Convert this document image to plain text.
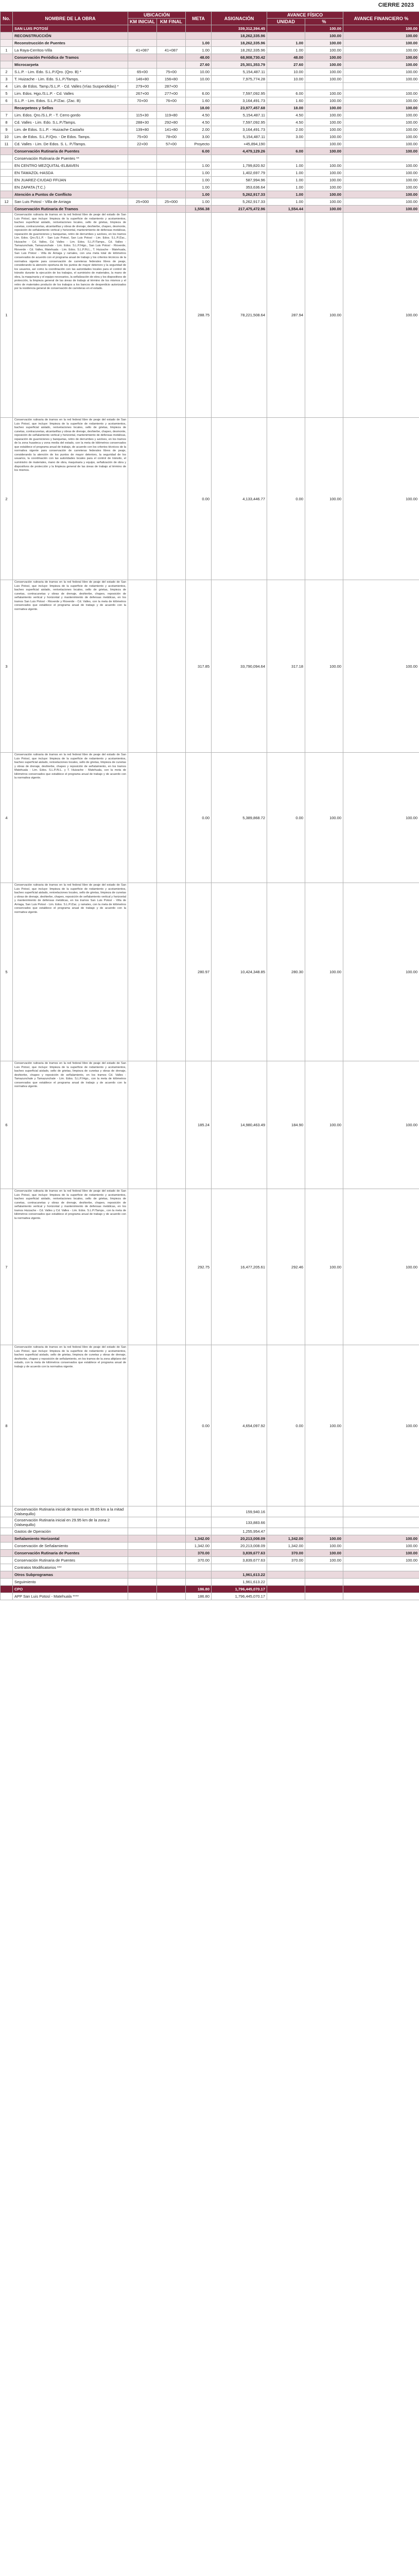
CIERRE 2023
No.	NOMBRE DE LA OBRA	UBICACIÓN		META	ASIGNACIÓN	AVANCE FÍSICO		AVANCE FINANCIERO %
		KM INICIAL	KM FINAL			UNIDAD	%	
	SAN LUIS POTOSÍ				339,312,394.45		100.00	100.00
	RECONSTRUCCIÓN				18,262,335.96		100.00	100.00
	Reconstrucción de Puentes			1.00	18,262,335.96	1.00	100.00	100.00
1	La Raya-Cerritos-Villa	41+087	41+087	1.00	18,262,335.96	1.00	100.00	100.00
	Conservación Periódica de Tramos			48.00	68,908,730.42	48.00	100.00	100.00
	Microcarpeta			27.60	25,301,353.79	27.60	100.00	100.00
2	S.L.P. - Lim. Edo. S.L.P./Qro. (Qro. B) *	65+00	75+00	10.00	5,154,487.11	10.00	100.00	100.00
3	T. Huizache - Lim. Edo. S.L.P./Tamps.	146+80	156+80	10.00	7,975,774.28	10.00	100.00	100.00
4	Lim. de Edos. Tamp./S.L.P. - Cd. Valles (Vías Suspendidas) *	279+00	287+00					
5	Lim. Edos. Hgo./S.L.P. - Cd. Valles	267+00	277+00	6.00	7,597,092.95	6.00	100.00	100.00
6	S.L.P. - Lim. Edos. S.L.P./Zac. (Zac. B)	70+00	76+00	1.60	3,164,491.73	1.60	100.00	100.00
	Recarpeteos y Sellos			18.00	23,977,457.68	18.00	100.00	100.00
7	Lim. Edos. Qro./S.L.P. - T. Cerro gordo	115+30	119+80	4.50	5,154,487.11	4.50	100.00	100.00
8	Cd. Valles - Lim. Edo. S.L.P./Tamps.	288+30	292+80	4.50	7,597,092.95	4.50	100.00	100.00
9	Lim. de Edos. S.L.P. - Huizache Castaño	139+80	141+80	2.00	3,164,491.73	2.00	100.00	100.00
10	Lim. de Edos. S.L.P./Qro. - De Edos. Tamps.	75+00	78+00	3.00	5,154,487.11	3.00	100.00	100.00
11	Cd. Valles - Lim. De Edos. S. L. P./Tamps.	22+00	57+00	Proyecto	+45,894,190		100.00	100.00
	Conservación Rutinaria de Puentes			6.00	4,479,129.26	6.00	100.00	100.00
	Conservación Rutinaria de Puentes **							
	EN CENTRO MEZQUITAL-ELBAVEN			1.00	1,799,820.92	1.00	100.00	100.00
	EN TAMAZOL-HASDA			1.00	1,402,697.79	1.00	100.00	100.00
	EN JUAREZ-CIUDAD FFIJAN			1.00	587,994.96	1.00	100.00	100.00
	EN ZAPATA (T.C.)			1.00	353,636.64	1.00	100.00	100.00
	Atención a Puntos de Conflicto			1.00	5,262,917.33	1.00	100.00	100.00
12	San Luis Potosí - Villa de Arriaga	25+000	25+000	1.00	5,262,917.33	1.00	100.00	100.00
	Conservación Rutinaria de Tramos			1,556.38	217,475,472.96	1,554.44	100.00	100.00
1	Conservación rutinaria de tramos en la red federal libre de peaje del estado de San Luis Potosí, que incluye: limpieza de la superficie de rodamiento y acotamientos, bacheo superficial aislado, renivelaciones locales, sello de grietas, limpieza de cunetas, contracunetas, alcantarillas y obras de drenaje, deshierbe, chapeo, desmonte, reposición de señalamiento vertical y horizontal, mantenimiento de defensas metálicas, reparación de guarniciones y banquetas, retiro de derrumbes y azolves, en los tramos Lim. Edos. Qro./S.L.P. - San Luis Potosí, San Luis Potosí - Lim. Edos. S.L.P./Zac., Huizache - Cd. Valles, Cd. Valles - Lim. Edos. S.L.P./Tamps., Cd. Valles - Tamazunchale, Tamazunchale - Lim. Edos. S.L.P./Hgo., San Luis Potosí - Rioverde, Rioverde - Cd. Valles, Matehuala - Lim. Edos. S.L.P./N.L., T. Huizache - Matehuala, San Luis Potosí - Villa de Arriaga y ramales, con una meta total de kilómetros conservados de acuerdo con el programa anual de trabajo y los criterios técnicos de la normativa vigente para conservación de carreteras federales libres de peaje, considerando la atención oportuna de los puntos de mayor deterioro y la seguridad de los usuarios, así como la coordinación con las autoridades locales para el control de tránsito durante la ejecución de los trabajos, el suministro de materiales, la mano de obra, la maquinaria y el equipo necesarios, la señalización de obra y los dispositivos de protección, la limpieza general de las áreas de trabajo al término de los mismos y el retiro de materiales producto de los trabajos a los bancos de desperdicio autorizados por la residencia general de conservación de carreteras en el estado.			288.75	78,221,508.64	287.94	100.00	100.00
2	Conservación rutinaria de tramos en la red federal libre de peaje del estado de San Luis Potosí, que incluye: limpieza de la superficie de rodamiento y acotamientos, bacheo superficial aislado, renivelaciones locales, sello de grietas, limpieza de cunetas, contracunetas, alcantarillas y obras de drenaje, deshierbe, chapeo, desmonte, reposición de señalamiento vertical y horizontal, mantenimiento de defensas metálicas, reparación de guarniciones y banquetas, retiro de derrumbes y azolves, en los tramos de la zona huasteca y zona media del estado, con la meta de kilómetros conservados que establece el programa anual de trabajo, de acuerdo con los criterios técnicos de la normativa vigente para conservación de carreteras federales libres de peaje, considerando la atención de los puntos de mayor deterioro, la seguridad de los usuarios, la coordinación con las autoridades locales para el control de tránsito, el suministro de materiales, mano de obra, maquinaria y equipo, señalización de obra y dispositivos de protección y la limpieza general de las áreas de trabajo al término de los mismos.			0.00	4,133,446.77	0.00	100.00	100.00
3	Conservación rutinaria de tramos en la red federal libre de peaje del estado de San Luis Potosí, que incluye: limpieza de la superficie de rodamiento y acotamientos, bacheo superficial aislado, renivelaciones locales, sello de grietas, limpieza de cunetas, contracunetas y obras de drenaje, deshierbe, chapeo, reposición de señalamiento vertical y horizontal y mantenimiento de defensas metálicas, en los tramos San Luis Potosí - Rioverde y Rioverde - Cd. Valles, con la meta de kilómetros conservados que establece el programa anual de trabajo y de acuerdo con la normativa vigente.			317.85	33,790,094.64	317.18	100.00	100.00
4	Conservación rutinaria de tramos en la red federal libre de peaje del estado de San Luis Potosí, que incluye: limpieza de la superficie de rodamiento y acotamientos, bacheo superficial aislado, renivelaciones locales, sello de grietas, limpieza de cunetas y obras de drenaje, deshierbe, chapeo y reposición de señalamiento, en los tramos Matehuala - Lim. Edos. S.L.P./N.L. y T. Huizache - Matehuala, con la meta de kilómetros conservados que establece el programa anual de trabajo y de acuerdo con la normativa vigente.			0.00	5,389,868.72	0.00	100.00	100.00
5	Conservación rutinaria de tramos en la red federal libre de peaje del estado de San Luis Potosí, que incluye: limpieza de la superficie de rodamiento y acotamientos, bacheo superficial aislado, renivelaciones locales, sello de grietas, limpieza de cunetas y obras de drenaje, deshierbe, chapeo, reposición de señalamiento vertical y horizontal y mantenimiento de defensas metálicas, en los tramos San Luis Potosí - Villa de Arriaga, San Luis Potosí - Lim. Edos. S.L.P./Zac. y ramales, con la meta de kilómetros conservados que establece el programa anual de trabajo y de acuerdo con la normativa vigente.			280.97	10,424,348.85	280.30	100.00	100.00
6	Conservación rutinaria de tramos en la red federal libre de peaje del estado de San Luis Potosí, que incluye: limpieza de la superficie de rodamiento y acotamientos, bacheo superficial aislado, sello de grietas, limpieza de cunetas y obras de drenaje, deshierbe, chapeo y reposición de señalamiento, en los tramos Cd. Valles - Tamazunchale y Tamazunchale - Lim. Edos. S.L.P./Hgo., con la meta de kilómetros conservados que establece el programa anual de trabajo y de acuerdo con la normativa vigente.			185.24	14,980,463.49	184.90	100.00	100.00
7	Conservación rutinaria de tramos en la red federal libre de peaje del estado de San Luis Potosí, que incluye: limpieza de la superficie de rodamiento y acotamientos, bacheo superficial aislado, renivelaciones locales, sello de grietas, limpieza de cunetas, contracunetas y obras de drenaje, deshierbe, chapeo, reposición de señalamiento vertical y horizontal y mantenimiento de defensas metálicas, en los tramos Huizache - Cd. Valles y Cd. Valles - Lim. Edos. S.L.P./Tamps., con la meta de kilómetros conservados que establece el programa anual de trabajo y de acuerdo con la normativa vigente.			292.75	16,477,205.61	292.46	100.00	100.00
8	Conservación rutinaria de tramos en la red federal libre de peaje del estado de San Luis Potosí, que incluye: limpieza de la superficie de rodamiento y acotamientos, bacheo superficial aislado, sello de grietas, limpieza de cunetas y obras de drenaje, deshierbe, chapeo y reposición de señalamiento, en los tramos de la zona altiplano del estado, con la meta de kilómetros conservados que establece el programa anual de trabajo y de acuerdo con la normativa vigente.			0.00	4,654,097.92	0.00	100.00	100.00
	Conservación Rutinaria inicial de tramos en 39.65 km a la mitad (Valsequillo)				159,940.16			
	Conservación Rutinaria inicial en 29.95 km de la zona 2 (Valsequillo)				133,883.66			
	Gastos de Operación				1,255,954.47			
	Señalamiento Horizontal			1,342.00	20,213,008.09	1,342.00	100.00	100.00
	Conservación de Señalamiento			1,342.00	20,213,008.09	1,342.00	100.00	100.00
	Conservación Rutinaria de Puentes			370.00	3,839,677.63	370.00	100.00	100.00
	Conservación Rutinaria de Puentes			370.00	3,839,677.63	370.00	100.00	100.00
	Contratos Modificatorios ***							
	Otros Subprogramas				1,961,613.22			
	Seguimiento				1,961,613.22			
	CPO			186.80	1,796,445,070.17			
	APP San Luis Potosí - Matehuala ****			186.80	1,796,445,070.17			
